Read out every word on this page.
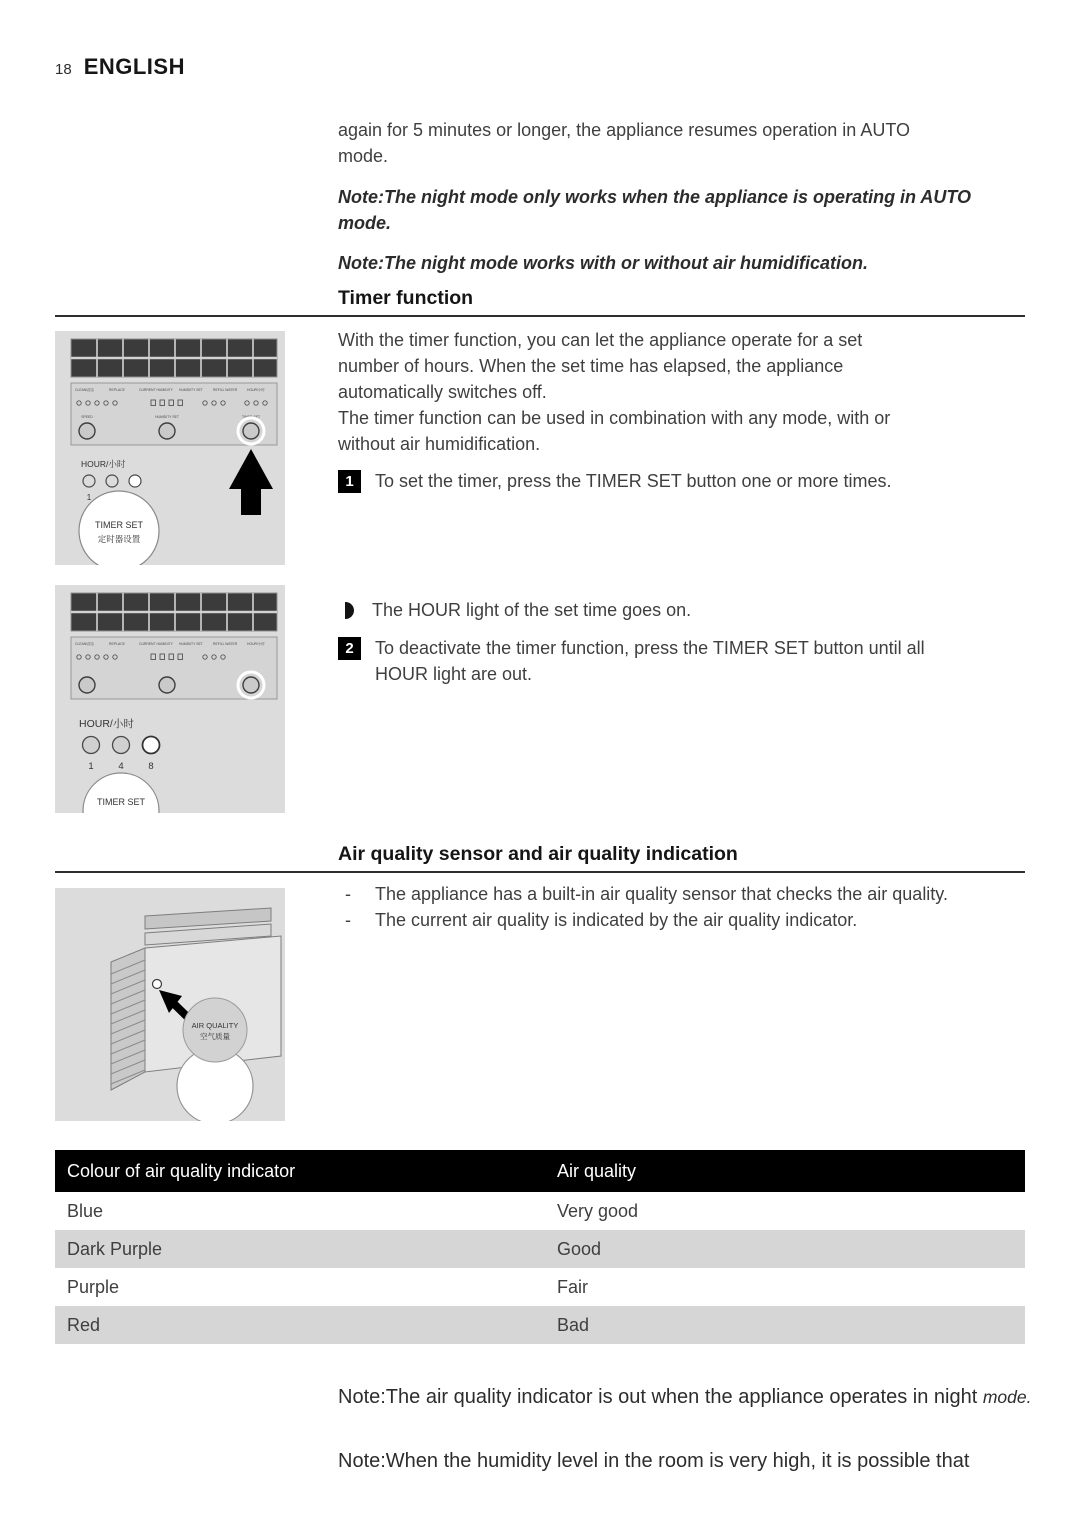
18 ENGLISH
again for 5 minutes or longer, the appliance resumes operation in AUTO mode.
Note:The night mode only works when the appliance is operating in AUTO mode.
Note:The night mode works with or without air humidification.
Timer function
CLEAN/清洁	REPLACE	CURRENT HUMIDITY HUMIDITY SET	REFILL WATER	HOUR/小时
SPEED	HUMIDITY SET	TIMER SET
HOUR/小时
1
TIMER SET
定时器设置
With the timer function, you can let the appliance operate for a set number of hours. When the set time has elapsed, the appliance automatically switches off.
The timer function can be used in combination with any mode, with or without air humidification.
1	To set the timer, press the TIMER SET button one or more times.
CLEAN/清洁	REPLACE	CURRENT HUMIDITY HUMIDITY SET	REFILL WATER	HOUR/小时
HOUR/小时
1	4	8
TIMER SET
The HOUR light of the set time goes on.
2	To deactivate the timer function, press the TIMER SET button until all HOUR light are out.
Air quality sensor and air quality indication
-	The appliance has a built-in air quality sensor that checks the air quality.
-	The current air quality is indicated by the air quality indicator.
AIR QUALITY
空气质量
Colour of air quality indicator	Air quality
Blue	Very good
Dark Purple	Good
Purple	Fair
Red	Bad
Note:The air quality indicator is out when the appliance operates in night mode.
Note:When the humidity level in the room is very high, it is possible that
